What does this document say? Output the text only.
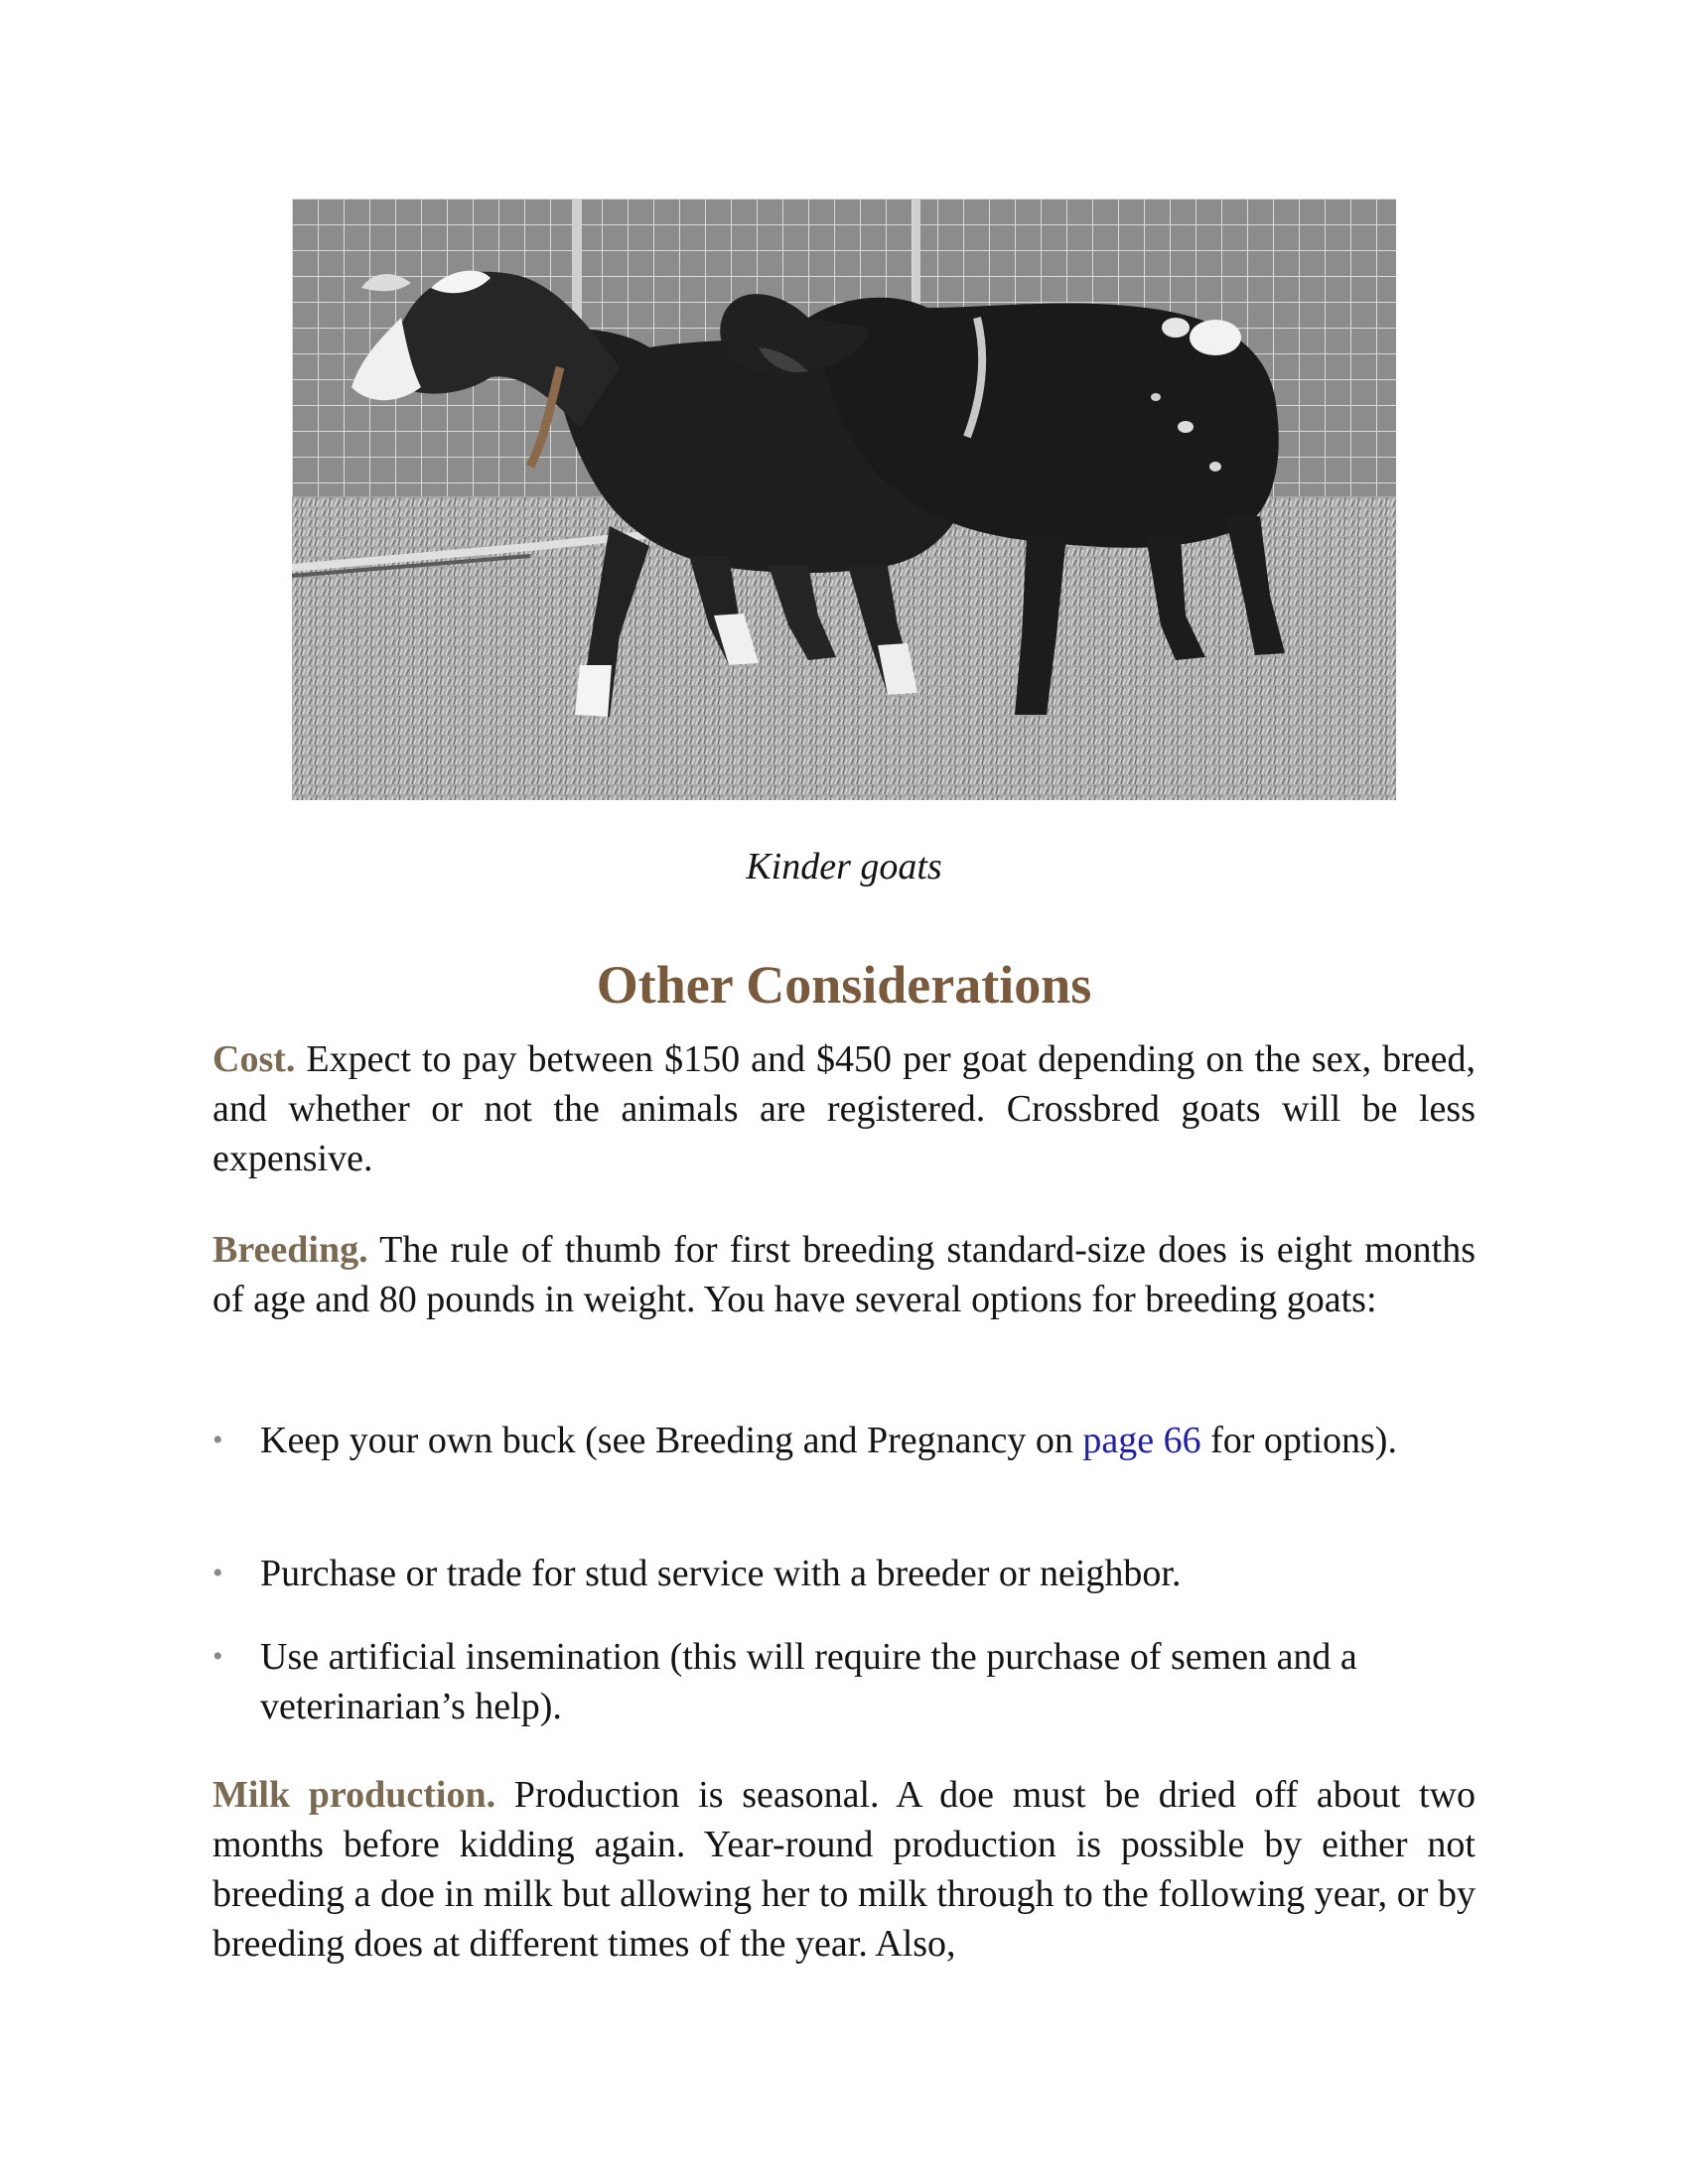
Kinder goats
Other Considerations

Cost. Expect to pay between $150 and $450 per goat depending on the sex, breed, and whether or not the animals are registered. Crossbred goats will be less expensive.

Breeding. The rule of thumb for first breeding standard-size does is eight months of age and 80 pounds in weight. You have several options for breeding goats:

• Keep your own buck (see Breeding and Pregnancy on page 66 for options).
• Purchase or trade for stud service with a breeder or neighbor.
• Use artificial insemination (this will require the purchase of semen and a veterinarian’s help).

Milk production. Production is seasonal. A doe must be dried off about two months before kidding again. Year-round production is possible by either not breeding a doe in milk but allowing her to milk through to the following year, or by breeding does at different times of the year. Also,
